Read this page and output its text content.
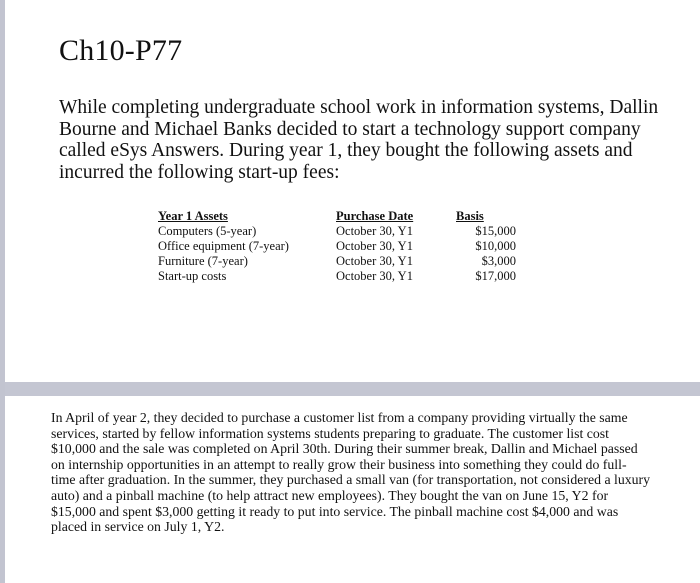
Ch10-P77

While completing undergraduate school work in information systems, Dallin Bourne and Michael Banks decided to start a technology support company called eSys Answers. During year 1, they bought the following assets and incurred the following start-up fees:

Year 1 Assets	Purchase Date	Basis
Computers (5-year)	October 30, Y1	$15,000
Office equipment (7-year)	October 30, Y1	$10,000
Furniture (7-year)	October 30, Y1	$3,000
Start-up costs	October 30, Y1	$17,000

In April of year 2, they decided to purchase a customer list from a company providing virtually the same services, started by fellow information systems students preparing to graduate. The customer list cost $10,000 and the sale was completed on April 30th. During their summer break, Dallin and Michael passed on internship opportunities in an attempt to really grow their business into something they could do full-time after graduation. In the summer, they purchased a small van (for transportation, not considered a luxury auto) and a pinball machine (to help attract new employees). They bought the van on June 15, Y2 for $15,000 and spent $3,000 getting it ready to put into service. The pinball machine cost $4,000 and was placed in service on July 1, Y2.
